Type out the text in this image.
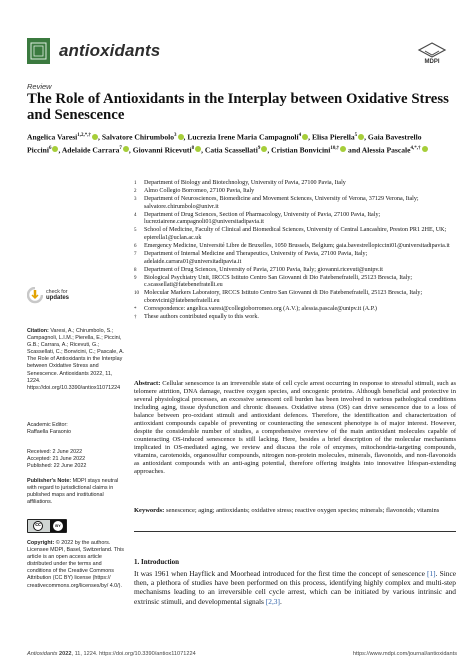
antioxidants
MDPI
Review
The Role of Antioxidants in the Interplay between Oxidative Stress and Senescence
Angelica Varesi$^{1,2,*,\dagger}$ , Salvatore Chirumbolo$^3$ , Lucrezia Irene Maria Campagnoli$^4$ , Elisa Pierella$^5$ , Gaia Bavestrello Piccini$^6$ , Adelaide Carrara$^7$ , Giovanni Ricevuti$^8$ , Catia Scassellati$^9$ , Cristian Bonvicini$^{10,\dagger}$ and Alessia Pascale$^{4,*,\dagger}$
1	Department of Biology and Biotechnology, University of Pavia, 27100 Pavia, Italy
2	Almo Collegio Borromeo, 27100 Pavia, Italy
3	Department of Neurosciences, Biomedicine and Movement Sciences, University of Verona, 37129 Verona, Italy; salvatore.chirumbolo@univr.it
4	Department of Drug Sciences, Section of Pharmacology, University of Pavia, 27100 Pavia, Italy; lucreziairene.campagnoli01@universitadipavia.it
5	School of Medicine, Faculty of Clinical and Biomedical Sciences, University of Central Lancashire, Preston PR1 2HE, UK; epierella1@uclan.ac.uk
6	Emergency Medicine, Université Libre de Bruxelles, 1050 Brussels, Belgium; gaia.bavestrellopiccini01@universitadipavia.it
7	Department of Internal Medicine and Therapeutics, University of Pavia, 27100 Pavia, Italy; adelaide.carrara01@universitadipavia.it
8	Department of Drug Sciences, University of Pavia, 27100 Pavia, Italy; giovanni.ricevuti@unipv.it
9	Biological Psychiatry Unit, IRCCS Istituto Centro San Giovanni di Dio Fatebenefratelli, 25123 Brescia, Italy; c.scassellati@fatebenefratelli.eu
10 Molecular Markers Laboratory, IRCCS Istituto Centro San Giovanni di Dio Fatebenefratelli, 25123 Brescia, Italy; cbonvicini@fatebenefratelli.eu
*	Correspondence: angelica.varesi@collegioborromeo.org (A.V.); alessia.pascale@unipv.it (A.P.)
†	These authors contributed equally to this work.
check for
updates
Citation: Varesi, A.; Chirumbolo, S.; Campagnoli, L.I.M.; Pierella, E.; Piccini, G.B.; Carrara, A.; Ricevuti, G.; Scassellati, C.; Bonvicini, C.; Pascale, A. The Role of Antioxidants in the Interplay between Oxidative Stress and Senescence. Antioxidants 2022, 11, 1224. https://doi.org/10.3390/antiox11071224
Academic Editor:
Raffaella Faraonio
Received: 2 June 2022
Accepted: 21 June 2022
Published: 22 June 2022
Publisher's Note: MDPI stays neutral with regard to jurisdictional claims in published maps and institutional affiliations.
cc	BY
Copyright: © 2022 by the authors. Licensee MDPI, Basel, Switzerland. This article is an open access article distributed under the terms and conditions of the Creative Commons Attribution (CC BY) license (https:// creativecommons.org/licenses/by/ 4.0/).
Abstract: Cellular senescence is an irreversible state of cell cycle arrest occurring in response to stressful stimuli, such as telomere attrition, DNA damage, reactive oxygen species, and oncogenic proteins. Although beneficial and protective in several physiological processes, an excessive senescent cell burden has been involved in various pathological conditions including aging, tissue dysfunction and chronic diseases. Oxidative stress (OS) can drive senescence due to a loss of balance between pro-oxidant stimuli and antioxidant defences. Therefore, the identification and characterization of antioxidant compounds capable of preventing or counteracting the senescent phenotype is of major interest. However, despite the considerable number of studies, a comprehensive overview of the main antioxidant molecules capable of counteracting OS-induced senescence is still lacking. Here, besides a brief description of the molecular mechanisms implicated in OS-mediated aging, we review and discuss the role of enzymes, mitochondria-targeting compounds, vitamins, carotenoids, organosulfur compounds, nitrogen non-protein molecules, minerals, flavonoids, and non-flavonoids as antioxidant compounds with an anti-aging potential, therefore offering insights into innovative lifespan-extending approaches.
Keywords: senescence; aging; antioxidants; oxidative stress; reactive oxygen species; minerals; flavonoids; vitamins
1. Introduction
It was 1961 when Hayflick and Moorhead introduced for the first time the concept of senescence [1]. Since then, a plethora of studies have been performed on this process, identifying highly complex and multi-step mechanisms leading to an irreversible cell cycle arrest, which can be initiated by various intrinsic and extrinsic stimuli, and developmental signals [2,3].
Antioxidants 2022, 11, 1224. https://doi.org/10.3390/antiox11071224	https://www.mdpi.com/journal/antioxidants
